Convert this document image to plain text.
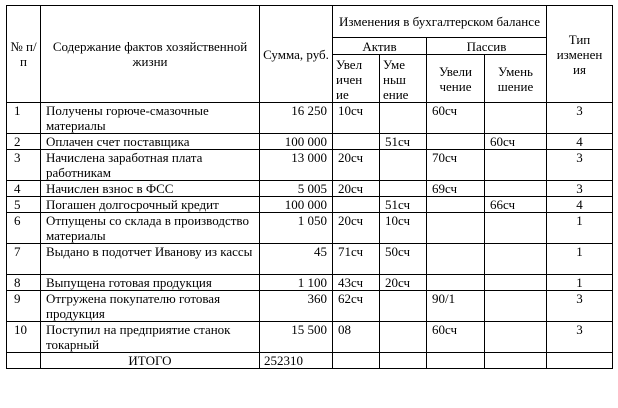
№ п/п	Содержание фактов хозяйственной жизни	Сумма, руб.	Изменения в бухгалтерском балансе				Тип изменен ия
			Актив		Пассив		
			Увел ичен ие	Уме ньш ение	Увели чение	Умень шение	
1	Получены горюче-смазочные материалы	16 250	10сч		60сч		3
2	Оплачен счет поставщика	100 000		51сч		60сч	4
3	Начислена заработная плата работникам	13 000	20сч		70сч		3
4	Начислен взнос в ФСС	5 005	20сч		69сч		3
5	Погашен долгосрочный кредит	100 000		51сч		66сч	4
6	Отпущены со склада в производство материалы	1 050	20сч	10сч			1
7	Выдано в подотчет Иванову из кассы	45	71сч	50сч			1
8	Выпущена готовая продукция	1 100	43сч	20сч			1
9	Отгружена покупателю готовая продукция	360	62сч		90/1		3
10	Поступил на предприятие станок токарный	15 500	08		60сч		3
	ИТОГО	252310					
